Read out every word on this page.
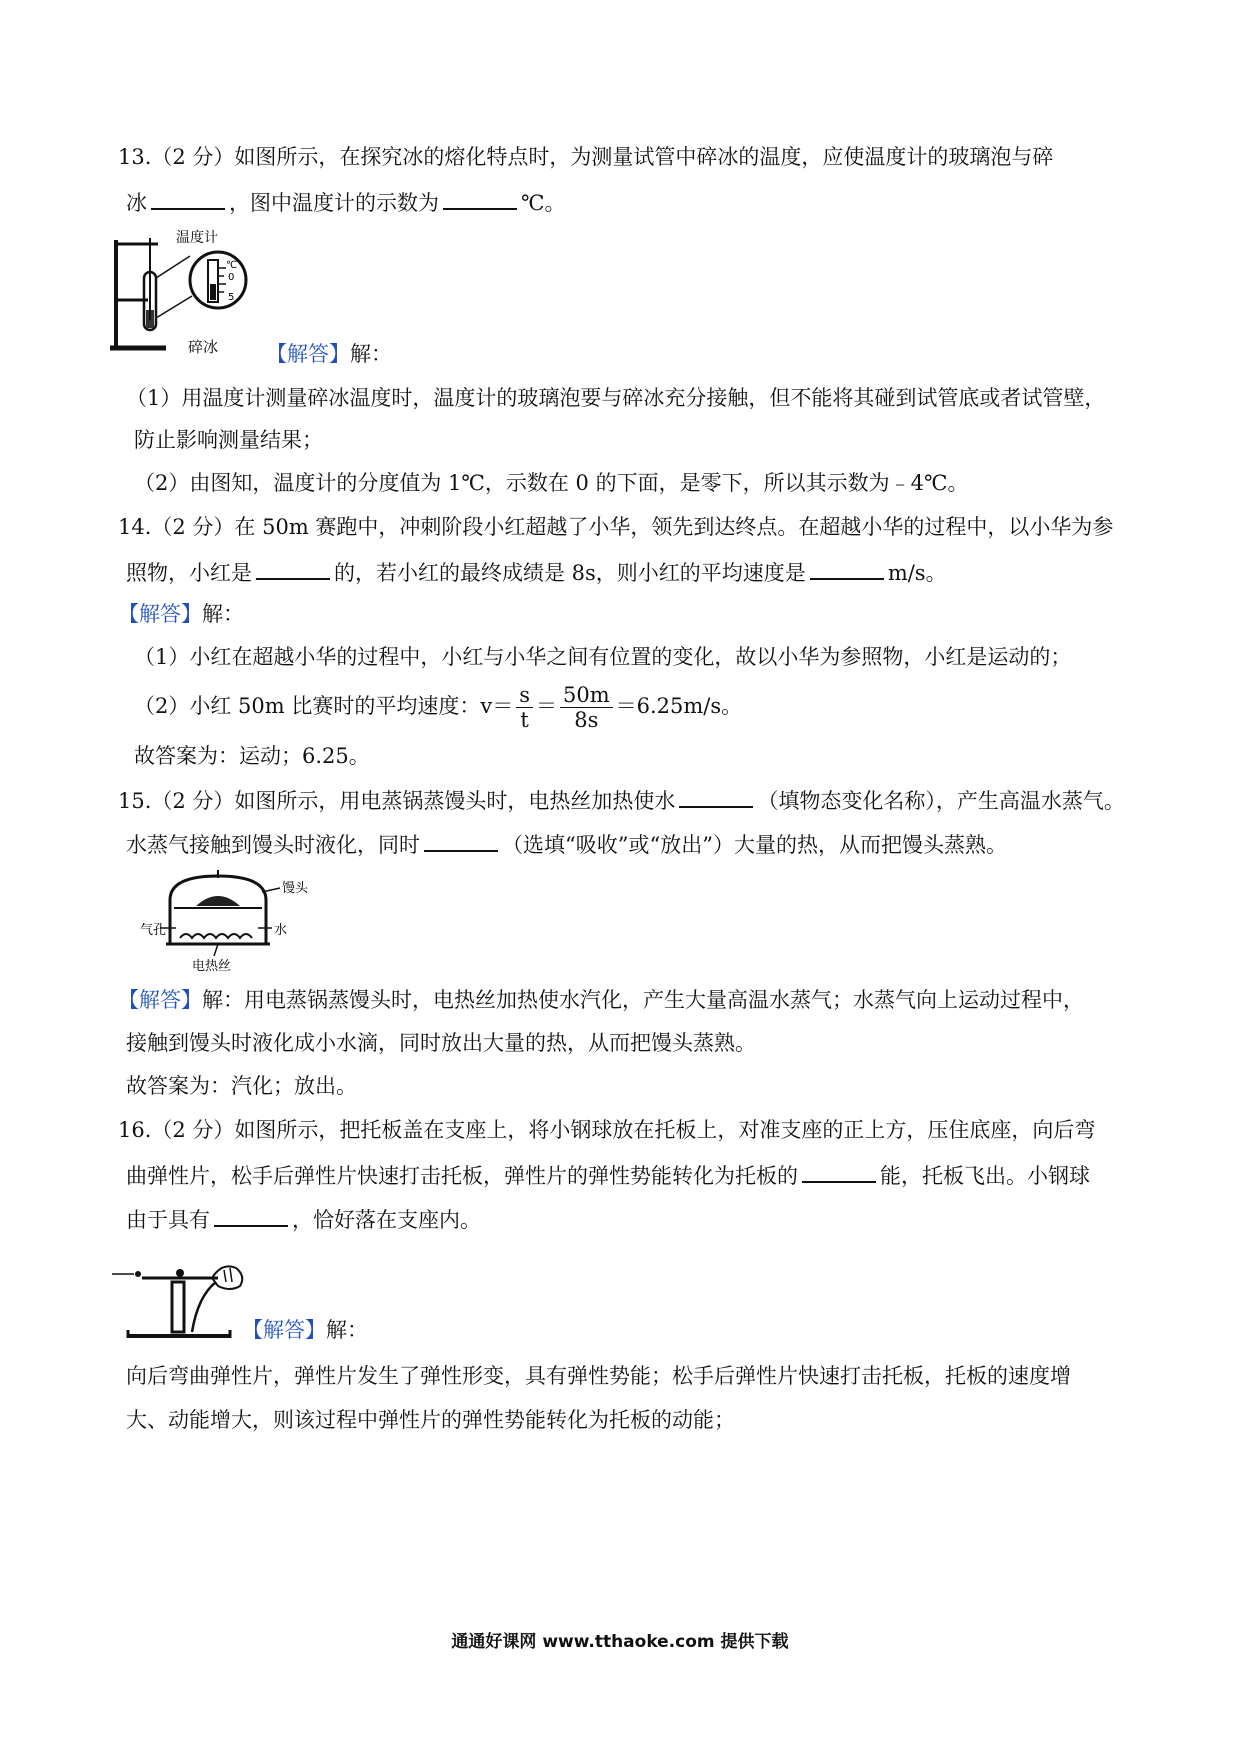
13.（2 分）如图所示，在探究冰的熔化特点时，为测量试管中碎冰的温度，应使温度计的玻璃泡与碎
冰	，图中温度计的示数为	℃。
℃
0
5
温度计
碎冰 【解答】解：
（1）用温度计测量碎冰温度时，温度计的玻璃泡要与碎冰充分接触，但不能将其碰到试管底或者试管壁，
防止影响测量结果；
（2）由图知，温度计的分度值为 1℃，示数在 0 的下面，是零下，所以其示数为﹣4℃。
14.（2 分）在 50m 赛跑中，冲刺阶段小红超越了小华，领先到达终点。在超越小华的过程中，以小华为参
照物，小红是	的，若小红的最终成绩是 8s，则小红的平均速度是	m/s。
【解答】解：
（1）小红在超越小华的过程中，小红与小华之间有位置的变化，故以小华为参照物，小红是运动的；
（2）小红 50m 比赛时的平均速度：$v= \frac{s}{t} = \frac{50m}{8s} =6.25m/s$。
故答案为：运动；6.25。
15.（2 分）如图所示，用电蒸锅蒸馒头时，电热丝加热使水	（填物态变化名称），产生高温水蒸气。
水蒸气接触到馒头时液化，同时	（选填“吸收”或“放出”）大量的热，从而把馒头蒸熟。
馒头
气孔	水
电热丝
【解答】解：用电蒸锅蒸馒头时，电热丝加热使水汽化，产生大量高温水蒸气；水蒸气向上运动过程中，
接触到馒头时液化成小水滴，同时放出大量的热，从而把馒头蒸熟。
故答案为：汽化；放出。
16.（2 分）如图所示，把托板盖在支座上，将小钢球放在托板上，对准支座的正上方，压住底座，向后弯
曲弹性片，松手后弹性片快速打击托板，弹性片的弹性势能转化为托板的	能，托板飞出。小钢球
由于具有	，恰好落在支座内。
【解答】解：
向后弯曲弹性片，弹性片发生了弹性形变，具有弹性势能；松手后弹性片快速打击托板，托板的速度增
大、动能增大，则该过程中弹性片的弹性势能转化为托板的动能；
通通好课网 www.tthaoke.com 提供下载
